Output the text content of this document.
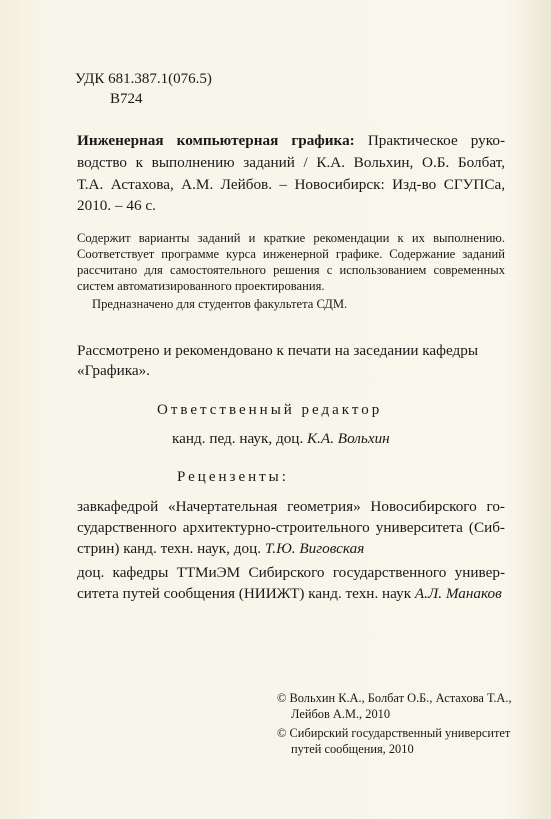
УДК 681.387.1(076.5)
В724
Инженерная компьютерная графика: Практическое руко-
водство к выполнению заданий / К.А. Вольхин, О.Б. Болбат,
Т.А. Астахова, А.М. Лейбов. – Новосибирск: Изд-во СГУПСа,
2010. – 46 с.
Содержит варианты заданий и краткие рекомендации к их выполнению.
Соответствует программе курса инженерной графике. Содержание заданий
рассчитано для самостоятельного решения с использованием современных
систем автоматизированного проектирования.
Предназначено для студентов факультета СДМ.
Рассмотрено и рекомендовано к печати на заседании кафедры
«Графика».
Ответственный редактор
канд. пед. наук, доц. К.А. Вольхин
Рецензенты:
завкафедрой «Начертательная геометрия» Новосибирского го-
сударственного архитектурно-строительного университета (Сиб-
стрин) канд. техн. наук, доц. Т.Ю. Виговская
доц. кафедры ТТМиЭМ Сибирского государственного универ-
ситета путей сообщения (НИИЖТ) канд. техн. наук А.Л. Манаков
© Вольхин К.А., Болбат О.Б., Астахова Т.А.,
Лейбов А.М., 2010
© Сибирский государственный университет
путей сообщения, 2010
